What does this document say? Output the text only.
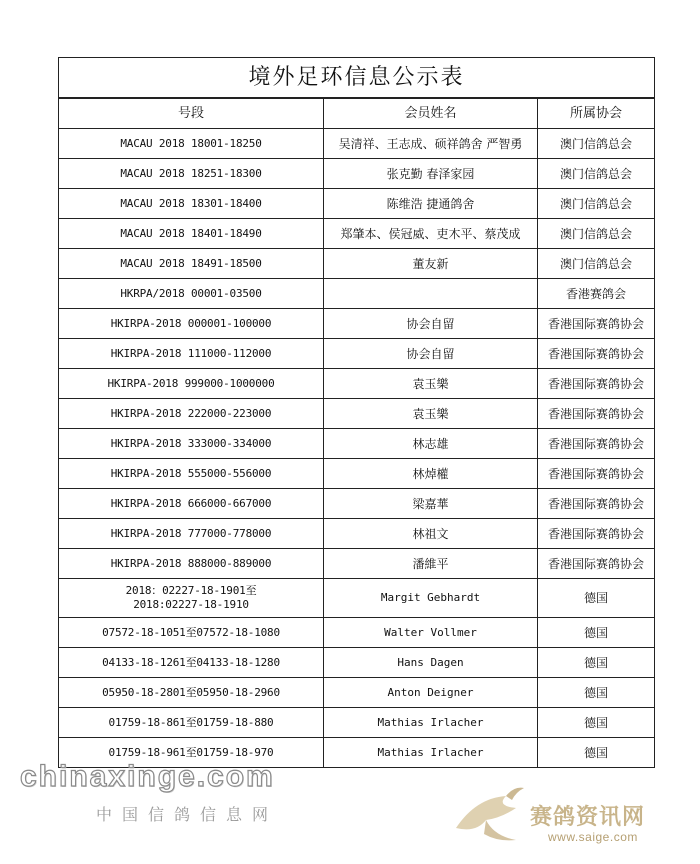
境外足环信息公示表		
号段	会员姓名	所属协会
MACAU 2018 18001-18250	吴清祥、王志成、硕祥鸽舍 严智勇	澳门信鸽总会
MACAU 2018 18251-18300	张克勤 春泽家园	澳门信鸽总会
MACAU 2018 18301-18400	陈维浩 捷通鸽舍	澳门信鸽总会
MACAU 2018 18401-18490	郑肇本、侯冠威、吏木平、蔡茂成	澳门信鸽总会
MACAU 2018 18491-18500	董友新	澳门信鸽总会
HKRPA/2018 00001-03500		香港赛鸽会
HKIRPA-2018 000001-100000	协会自留	香港国际赛鸽协会
HKIRPA-2018 111000-112000	协会自留	香港国际赛鸽协会
HKIRPA-2018 999000-1000000	袁玉樂	香港国际赛鸽协会
HKIRPA-2018 222000-223000	袁玉樂	香港国际赛鸽协会
HKIRPA-2018 333000-334000	林志雄	香港国际赛鸽协会
HKIRPA-2018 555000-556000	林焯權	香港国际赛鸽协会
HKIRPA-2018 666000-667000	梁嘉華	香港国际赛鸽协会
HKIRPA-2018 777000-778000	林祖文	香港国际赛鸽协会
HKIRPA-2018 888000-889000	潘維平	香港国际赛鸽协会
2018：02227-18-1901至
2018:02227-18-1910	Margit Gebhardt	德国
07572-18-1051至07572-18-1080	Walter Vollmer	德国
04133-18-1261至04133-18-1280	Hans Dagen	德国
05950-18-2801至05950-18-2960	Anton Deigner	德国
01759-18-861至01759-18-880	Mathias Irlacher	德国
01759-18-961至01759-18-970	Mathias Irlacher	德国
chinaxinge.com
中国信鸽信息网	赛鸽资讯网
www.saige.com
